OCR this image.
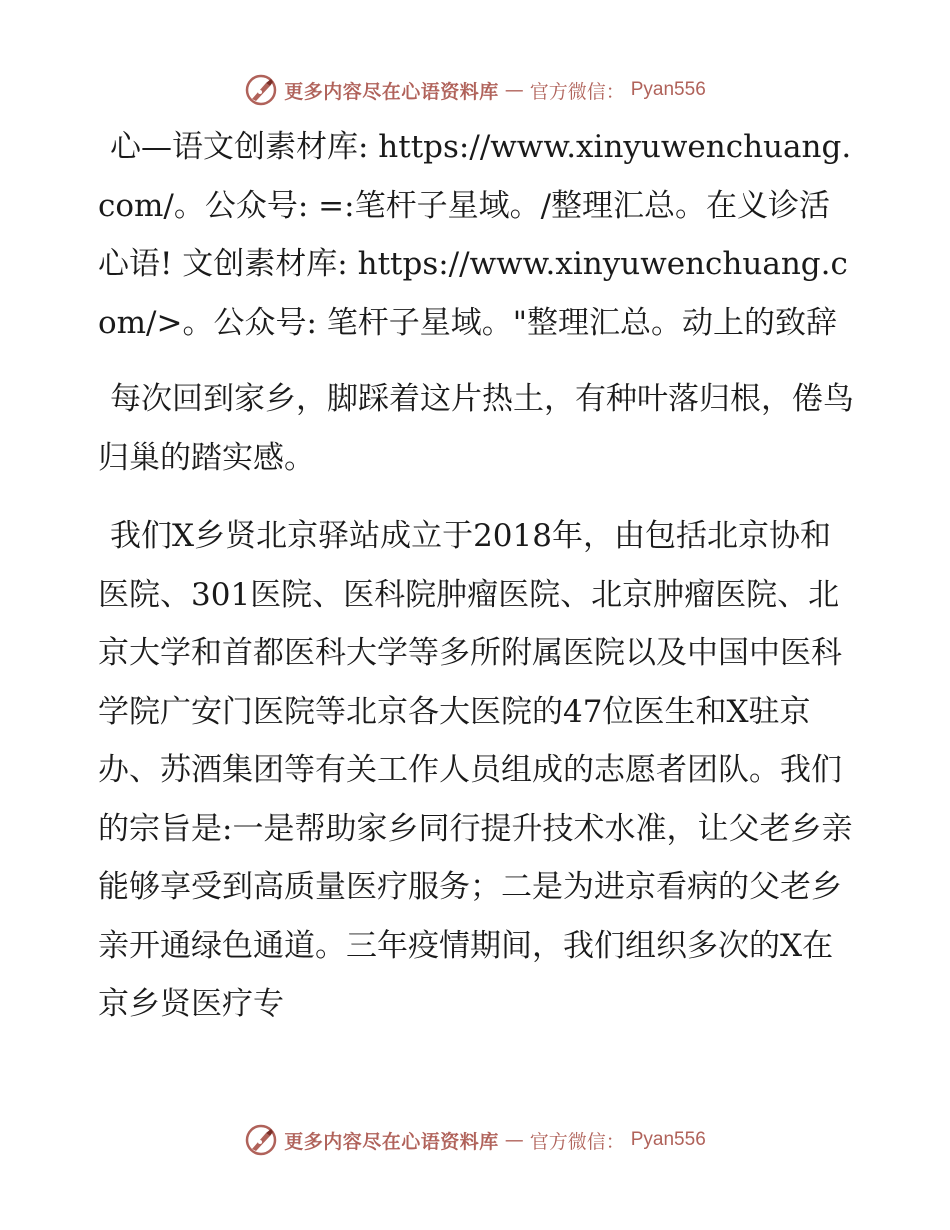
更多内容尽在心语资料库 — 官方微信： Pyan556

心—语文创素材库: https://www.xinyuwenchuang.com/。公众号: =:笔杆子星域。/整理汇总。在义诊活心语! 文创素材库: https://www.xinyuwenchuang.com/>。公众号: 笔杆子星域。"整理汇总。动上的致辞

每次回到家乡，脚踩着这片热土，有种叶落归根，倦鸟归巢的踏实感。

我们X乡贤北京驿站成立于2018年，由包括北京协和医院、301医院、医科院肿瘤医院、北京肿瘤医院、北京大学和首都医科大学等多所附属医院以及中国中医科学院广安门医院等北京各大医院的47位医生和X驻京办、苏酒集团等有关工作人员组成的志愿者团队。我们的宗旨是:一是帮助家乡同行提升技术水准，让父老乡亲能够享受到高质量医疗服务；二是为进京看病的父老乡亲开通绿色通道。三年疫情期间，我们组织多次的X在京乡贤医疗专

更多内容尽在心语资料库 — 官方微信： Pyan556
